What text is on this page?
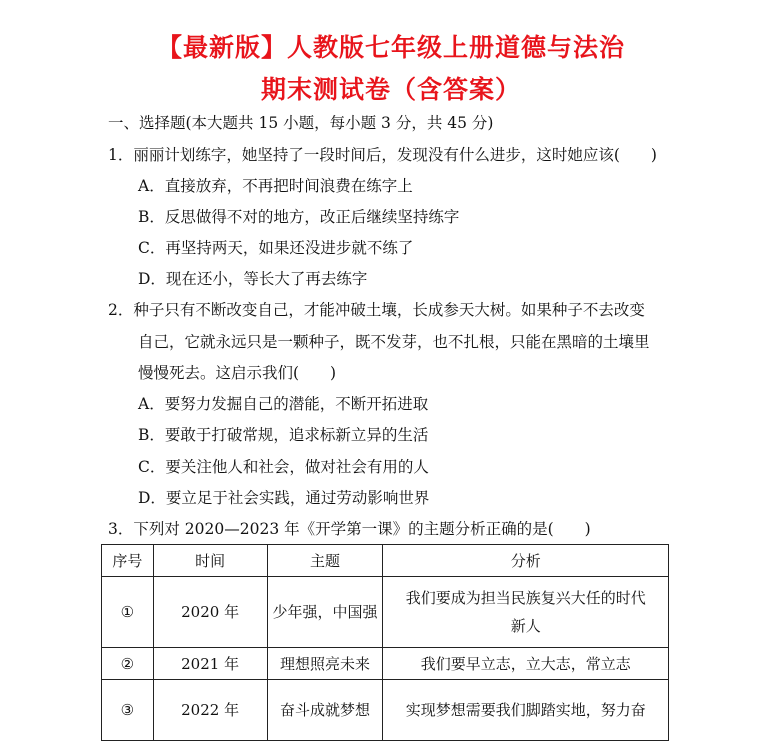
【最新版】人教版七年级上册道德与法治
期末测试卷（含答案）
一、选择题(本大题共 15 小题，每小题 3 分，共 45 分)
1．丽丽计划练字，她坚持了一段时间后，发现没有什么进步，这时她应该(　　)
A．直接放弃，不再把时间浪费在练字上
B．反思做得不对的地方，改正后继续坚持练字
C．再坚持两天，如果还没进步就不练了
D．现在还小，等长大了再去练字
2．种子只有不断改变自己，才能冲破土壤，长成参天大树。如果种子不去改变
自己，它就永远只是一颗种子，既不发芽，也不扎根，只能在黑暗的土壤里
慢慢死去。这启示我们(　　)
A．要努力发掘自己的潜能，不断开拓进取
B．要敢于打破常规，追求标新立异的生活
C．要关注他人和社会，做对社会有用的人
D．要立足于社会实践，通过劳动影响世界
3．下列对 2020—2023 年《开学第一课》的主题分析正确的是(　　)
序号	时间	主题	分析
①	2020 年	少年强，中国强	我们要成为担当民族复兴大任的时代
新人

②	2021 年	理想照亮未来	我们要早立志，立大志，常立志
③	2022 年	奋斗成就梦想	实现梦想需要我们脚踏实地，努力奋
